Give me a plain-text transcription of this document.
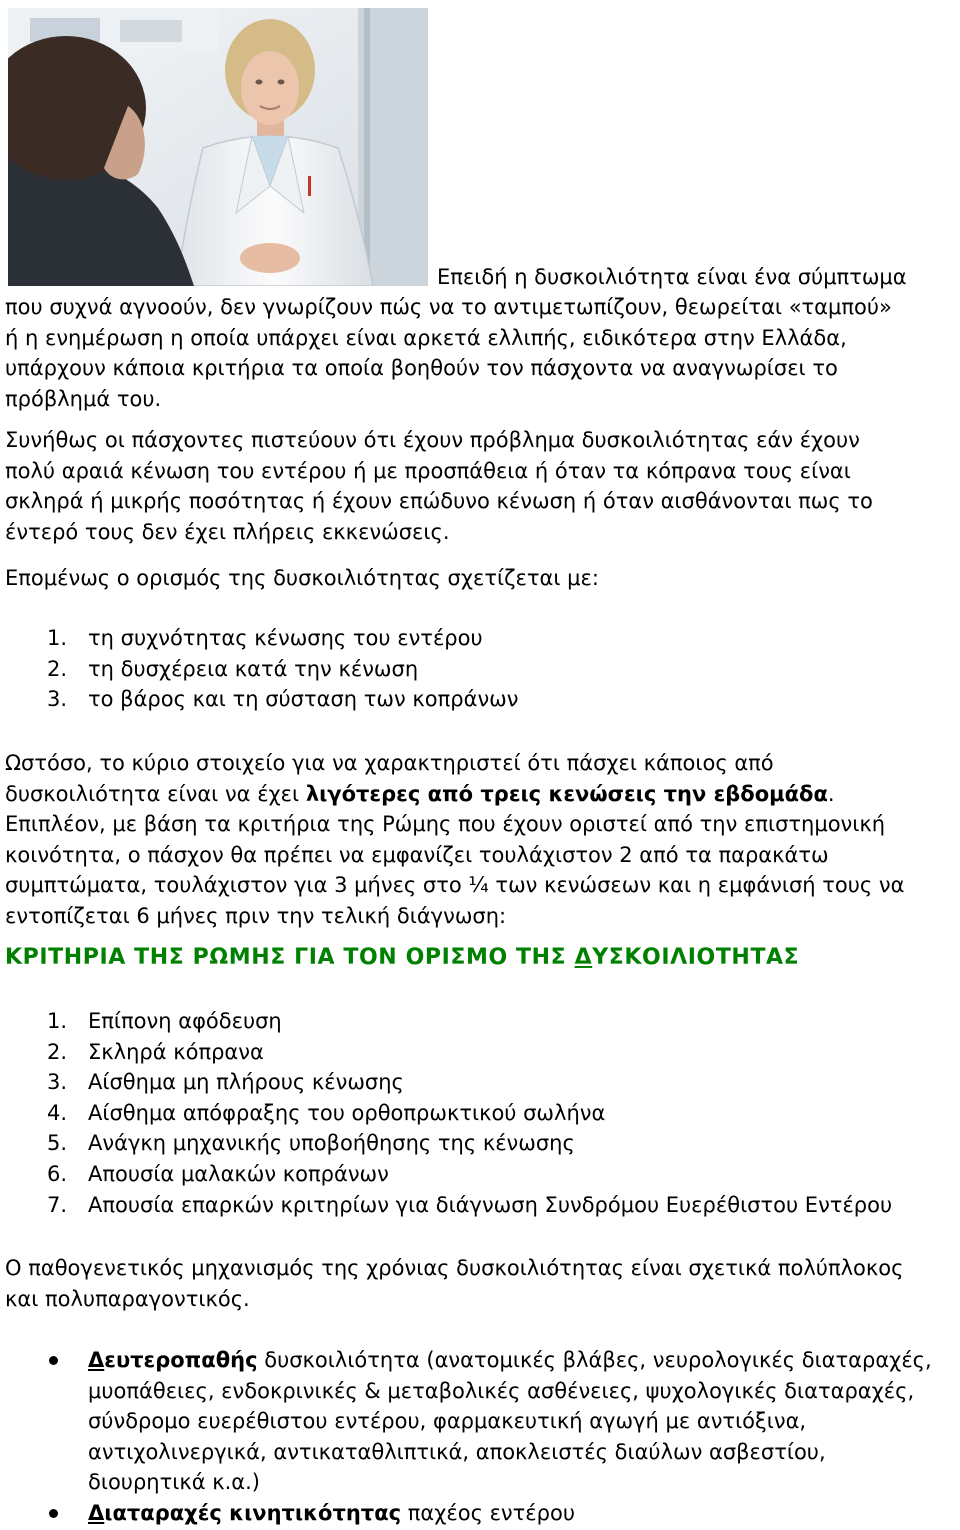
Επειδή η δυσκοιλιότητα είναι ένα σύμπτωμα
που συχνά αγνοούν, δεν γνωρίζουν πώς να το αντιμετωπίζουν, θεωρείται «ταμπού»
ή η ενημέρωση η οποία υπάρχει είναι αρκετά ελλιπής, ειδικότερα στην Ελλάδα,
υπάρχουν κάποια κριτήρια τα οποία βοηθούν τον πάσχοντα να αναγνωρίσει το
πρόβλημά του.
Συνήθως οι πάσχοντες πιστεύουν ότι έχουν πρόβλημα δυσκοιλιότητας εάν έχουν
πολύ αραιά κένωση του εντέρου ή με προσπάθεια ή όταν τα κόπρανα τους είναι
σκληρά ή μικρής ποσότητας ή έχουν επώδυνο κένωση ή όταν αισθάνονται πως το
έντερό τους δεν έχει πλήρεις εκκενώσεις.
Επομένως ο ορισμός της δυσκοιλιότητας σχετίζεται με:
1. τη συχνότητας κένωσης του εντέρου
2. τη δυσχέρεια κατά την κένωση
3. το βάρος και τη σύσταση των κοπράνων
Ωστόσο, το κύριο στοιχείο για να χαρακτηριστεί ότι πάσχει κάποιος από
δυσκοιλιότητα είναι να έχει λιγότερες από τρεις κενώσεις την εβδομάδα.
Επιπλέον, με βάση τα κριτήρια της Ρώμης που έχουν οριστεί από την επιστημονική
κοινότητα, ο πάσχον θα πρέπει να εμφανίζει τουλάχιστον 2 από τα παρακάτω
συμπτώματα, τουλάχιστον για 3 μήνες στο ¼ των κενώσεων και η εμφάνισή τους να
εντοπίζεται 6 μήνες πριν την τελική διάγνωση:
ΚΡΙΤΗΡΙΑ ΤΗΣ ΡΩΜΗΣ ΓΙΑ ΤΟΝ ΟΡΙΣΜΟ ΤΗΣ ΔΥΣΚΟΙΛΙΟΤΗΤΑΣ
1. Επίπονη αφόδευση
2. Σκληρά κόπρανα
3. Αίσθημα μη πλήρους κένωσης
4. Αίσθημα απόφραξης του ορθοπρωκτικού σωλήνα
5. Ανάγκη μηχανικής υποβοήθησης της κένωσης
6. Απουσία μαλακών κοπράνων
7. Απουσία επαρκών κριτηρίων για διάγνωση Συνδρόμου Ευερέθιστου Εντέρου
Ο παθογενετικός μηχανισμός της χρόνιας δυσκοιλιότητας είναι σχετικά πολύπλοκος
και πολυπαραγοντικός.
Δευτεροπαθής δυσκοιλιότητα (ανατομικές βλάβες, νευρολογικές διαταραχές,
μυοπάθειες, ενδοκρινικές & μεταβολικές ασθένειες, ψυχολογικές διαταραχές,
σύνδρομο ευερέθιστου εντέρου, φαρμακευτική αγωγή με αντιόξινα,
αντιχολινεργικά, αντικαταθλιπτικά, αποκλειστές διαύλων ασβεστίου,
διουρητικά κ.α.)
Διαταραχές κινητικότητας παχέος εντέρου
